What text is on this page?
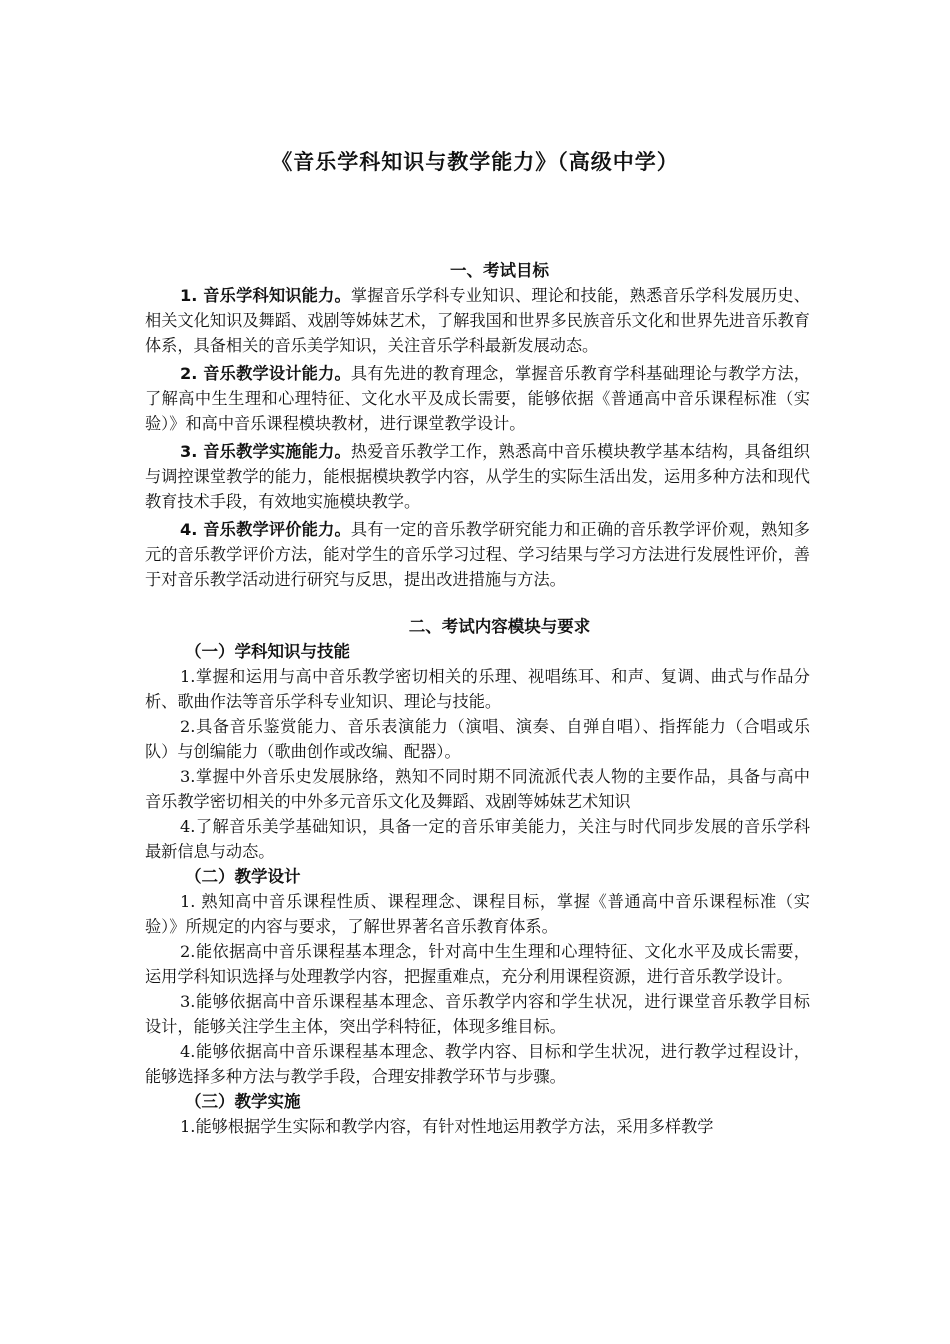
《音乐学科知识与教学能力》（高级中学）
一、考试目标

1. 音乐学科知识能力。掌握音乐学科专业知识、理论和技能，熟悉音乐学科发展历史、相关文化知识及舞蹈、戏剧等姊妹艺术，了解我国和世界多民族音乐文化和世界先进音乐教育体系，具备相关的音乐美学知识，关注音乐学科最新发展动态。

2. 音乐教学设计能力。具有先进的教育理念，掌握音乐教育学科基础理论与教学方法，了解高中生生理和心理特征、文化水平及成长需要，能够依据《普通高中音乐课程标准（实验）》和高中音乐课程模块教材，进行课堂教学设计。

3. 音乐教学实施能力。热爱音乐教学工作，熟悉高中音乐模块教学基本结构，具备组织与调控课堂教学的能力，能根据模块教学内容，从学生的实际生活出发，运用多种方法和现代教育技术手段，有效地实施模块教学。

4. 音乐教学评价能力。具有一定的音乐教学研究能力和正确的音乐教学评价观，熟知多元的音乐教学评价方法，能对学生的音乐学习过程、学习结果与学习方法进行发展性评价，善于对音乐教学活动进行研究与反思，提出改进措施与方法。

二、考试内容模块与要求
（一）学科知识与技能

1.掌握和运用与高中音乐教学密切相关的乐理、视唱练耳、和声、复调、曲式与作品分析、歌曲作法等音乐学科专业知识、理论与技能。

2.具备音乐鉴赏能力、音乐表演能力（演唱、演奏、自弹自唱）、指挥能力（合唱或乐队）与创编能力（歌曲创作或改编、配器）。

3.掌握中外音乐史发展脉络，熟知不同时期不同流派代表人物的主要作品，具备与高中音乐教学密切相关的中外多元音乐文化及舞蹈、戏剧等姊妹艺术知识

4.了解音乐美学基础知识，具备一定的音乐审美能力，关注与时代同步发展的音乐学科最新信息与动态。

（二）教学设计

1. 熟知高中音乐课程性质、课程理念、课程目标，掌握《普通高中音乐课程标准（实验）》所规定的内容与要求，了解世界著名音乐教育体系。

2.能依据高中音乐课程基本理念，针对高中生生理和心理特征、文化水平及成长需要，运用学科知识选择与处理教学内容，把握重难点，充分利用课程资源，进行音乐教学设计。

3.能够依据高中音乐课程基本理念、音乐教学内容和学生状况，进行课堂音乐教学目标设计，能够关注学生主体，突出学科特征，体现多维目标。

4.能够依据高中音乐课程基本理念、教学内容、目标和学生状况，进行教学过程设计，能够选择多种方法与教学手段，合理安排教学环节与步骤。

（三）教学实施

1.能够根据学生实际和教学内容，有针对性地运用教学方法，采用多样教学
